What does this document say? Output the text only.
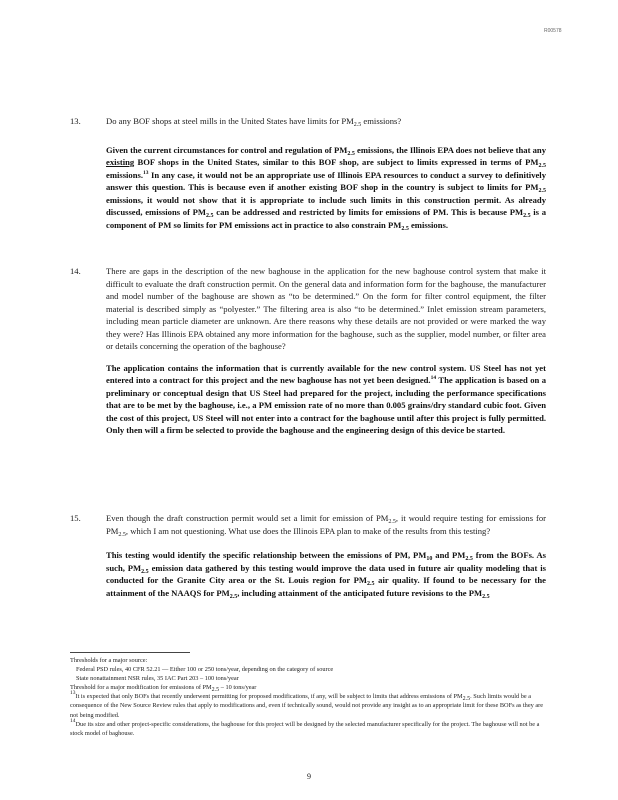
R00578
13.	Do any BOF shops at steel mills in the United States have limits for $PM_{2.5}$ emissions?
Given the current circumstances for control and regulation of $PM_{2.5}$ emissions, the Illinois EPA does not believe that any existing BOF shops in the United States, similar to this BOF shop, are subject to limits expressed in terms of $PM_{2.5}$ emissions.$^{13}$ In any case, it would not be an appropriate use of Illinois EPA resources to conduct a survey to definitively answer this question. This is because even if another existing BOF shop in the country is subject to limits for $PM_{2.5}$ emissions, it would not show that it is appropriate to include such limits in this construction permit. As already discussed, emissions of $PM_{2.5}$ can be addressed and restricted by limits for emissions of PM. This is because $PM_{2.5}$ is a component of PM so limits for PM emissions act in practice to also constrain $PM_{2.5}$ emissions.
14.	There are gaps in the description of the new baghouse in the application for the new baghouse control system that make it difficult to evaluate the draft construction permit. On the general data and information form for the baghouse, the manufacturer and model number of the baghouse are shown as “to be determined.” On the form for filter control equipment, the filter material is described simply as “polyester.” The filtering area is also “to be determined.” Inlet emission stream parameters, including mean particle diameter are unknown. Are there reasons why these details are not provided or were marked the way they were? Has Illinois EPA obtained any more information for the baghouse, such as the supplier, model number, or filter area or details concerning the operation of the baghouse?
The application contains the information that is currently available for the new control system. US Steel has not yet entered into a contract for this project and the new baghouse has not yet been designed.$^{14}$ The application is based on a preliminary or conceptual design that US Steel had prepared for the project, including the performance specifications that are to be met by the baghouse, i.e., a PM emission rate of no more than 0.005 grains/dry standard cubic foot. Given the cost of this project, US Steel will not enter into a contract for the baghouse until after this project is fully permitted. Only then will a firm be selected to provide the baghouse and the engineering design of this device be started.
15.	Even though the draft construction permit would set a limit for emission of $PM_{2.5}$, it would require testing for emissions for $PM_{2.5}$, which I am not questioning. What use does the Illinois EPA plan to make of the results from this testing?
This testing would identify the specific relationship between the emissions of PM, $PM_{10}$ and $PM_{2.5}$ from the BOFs. As such, $PM_{2.5}$ emission data gathered by this testing would improve the data used in future air quality modeling that is conducted for the Granite City area or the St. Louis region for $PM_{2.5}$ air quality. If found to be necessary for the attainment of the NAAQS for $PM_{2.5}$, including attainment of the anticipated future revisions to the $PM_{2.5}$
Thresholds for a major source:
Federal PSD rules, 40 CFR 52.21 — Either 100 or 250 tons/year, depending on the category of source
State nonattainment NSR rules, 35 IAC Part 203 – 100 tons/year
Threshold for a major modification for emissions of $PM_{2.5} - 10$ tons/year
$^{13}$It is expected that only BOFs that recently underwent permitting for proposed modifications, if any, will be subject to limits that address emissions of $PM_{2.5}$. Such limits would be a consequence of the New Source Review rules that apply to modifications and, even if technically sound, would not provide any insight as to an appropriate limit for these BOFs as they are not being modified.
$^{14}$Due its size and other project-specific considerations, the baghouse for this project will be designed by the selected manufacturer specifically for the project. The baghouse will not be a stock model of baghouse.
9
